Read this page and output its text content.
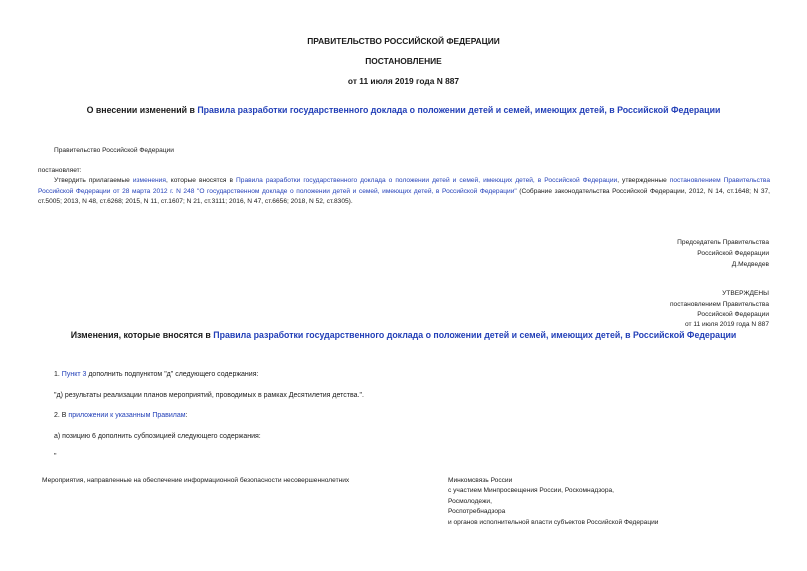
ПРАВИТЕЛЬСТВО РОССИЙСКОЙ ФЕДЕРАЦИИ
ПОСТАНОВЛЕНИЕ
от 11 июля 2019 года N 887
О внесении изменений в Правила разработки государственного доклада о положении детей и семей, имеющих детей, в Российской Федерации
Правительство Российской Федерации
постановляет:
Утвердить прилагаемые изменения, которые вносятся в Правила разработки государственного доклада о положении детей и семей, имеющих детей, в Российской Федерации, утвержденные постановлением Правительства Российской Федерации от 28 марта 2012 г. N 248 "О государственном докладе о положении детей и семей, имеющих детей, в Российской Федерации" (Собрание законодательства Российской Федерации, 2012, N 14, ст.1648; N 37, ст.5005; 2013, N 48, ст.6268; 2015, N 11, ст.1607; N 21, ст.3111; 2016, N 47, ст.6656; 2018, N 52, ст.8305).
Председатель Правительства
Российской Федерации
Д.Медведев
УТВЕРЖДЕНЫ
постановлением Правительства
Российской Федерации
от 11 июля 2019 года N 887
Изменения, которые вносятся в Правила разработки государственного доклада о положении детей и семей, имеющих детей, в Российской Федерации
1. Пункт 3 дополнить подпунктом "д" следующего содержания:
"д) результаты реализации планов мероприятий, проводимых в рамках Десятилетия детства.".
2. В приложении к указанным Правилам:
а) позицию 6 дополнить субпозицией следующего содержания:
"
Мероприятия, направленные на обеспечение информационной безопасности несовершеннолетних	Минкомсвязь России
с участием Минпросвещения России, Роскомнадзора,
Росмолодежи,
Роспотребнадзора
и органов исполнительной власти субъектов Российской Федерации
